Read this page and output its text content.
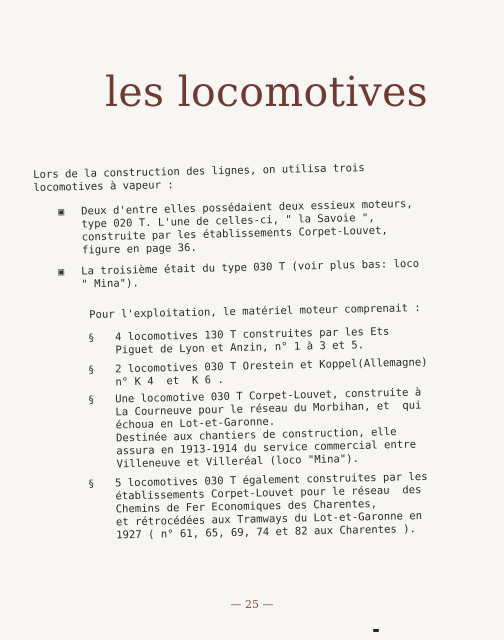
les locomotives
Lors de la construction des lignes, on utilisa trois
locomotives à vapeur :
▣ Deux d'entre elles possédaient deux essieux moteurs,
type 020 T. L'une de celles-ci, " la Savoie ",
construite par les établissements Corpet-Louvet,
figure en page 36.
▣ La troisième était du type 030 T (voir plus bas: loco
" Mina").
Pour l'exploitation, le matériel moteur comprenait :
§ 4 locomotives 130 T construites par les Ets
Piguet de Lyon et Anzin, n° 1 à 3 et 5.
§ 2 locomotives 030 T Orestein et Koppel(Allemagne)
n° K 4  et  K 6 .
§ Une locomotive 030 T Corpet-Louvet, construite à
La Courneuve pour le réseau du Morbihan, et  qui
échoua en Lot-et-Garonne.
Destinée aux chantiers de construction, elle
assura en 1913-1914 du service commercial entre
Villeneuve et Villeréal (loco "Mina").
§ 5 locomotives 030 T également construites par les
établissements Corpet-Louvet pour le réseau  des
Chemins de Fer Economiques des Charentes,
et rétrocédées aux Tramways du Lot-et-Garonne en
1927 ( n° 61, 65, 69, 74 et 82 aux Charentes ).
— 25 —
